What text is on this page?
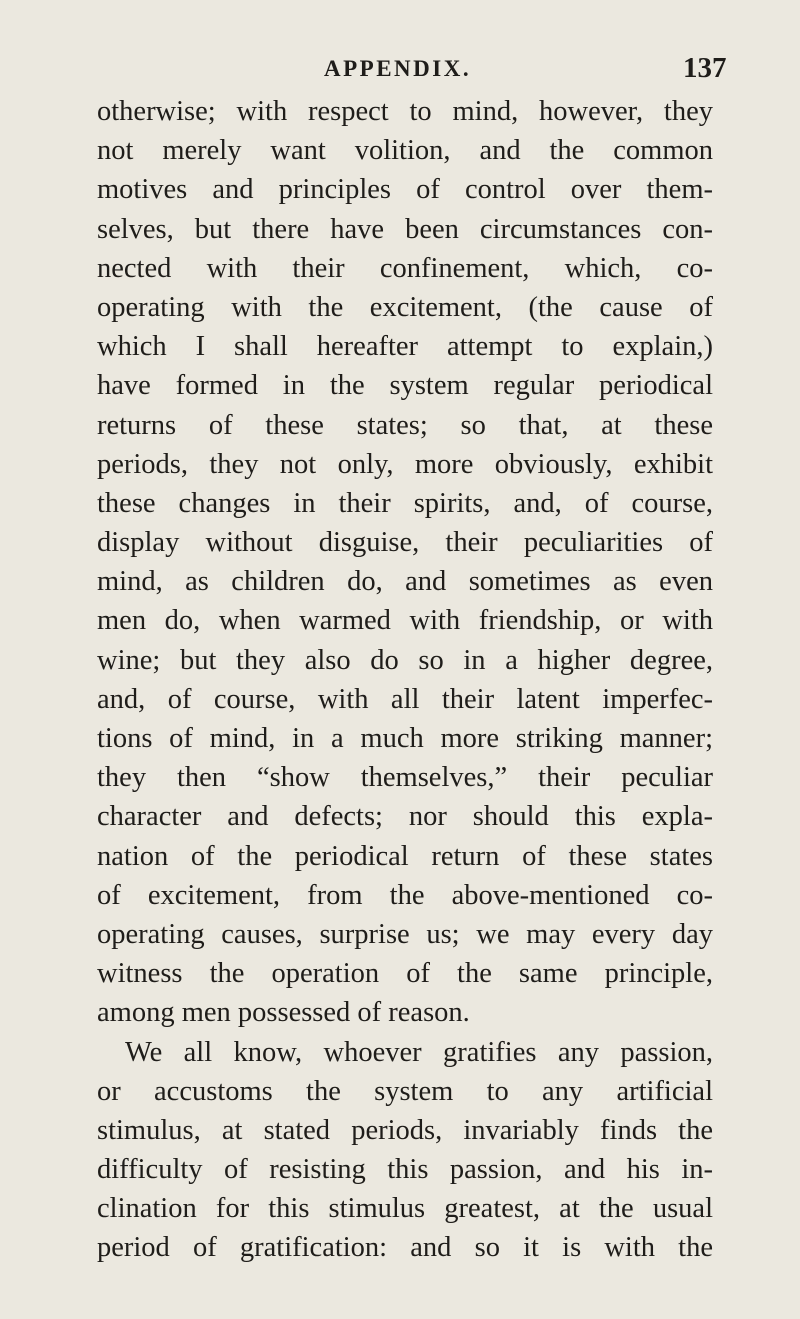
APPENDIX.	137
otherwise; with respect to mind, however, they
not merely want volition, and the common
motives and principles of control over them-
selves, but there have been circumstances con-
nected with their confinement, which, co-
operating with the excitement, (the cause of
which I shall hereafter attempt to explain,)
have formed in the system regular periodical
returns of these states; so that, at these
periods, they not only, more obviously, exhibit
these changes in their spirits, and, of course,
display without disguise, their peculiarities of
mind, as children do, and sometimes as even
men do, when warmed with friendship, or with
wine; but they also do so in a higher degree,
and, of course, with all their latent imperfec-
tions of mind, in a much more striking manner;
they then “show themselves,” their peculiar
character and defects; nor should this expla-
nation of the periodical return of these states
of excitement, from the above-mentioned co-
operating causes, surprise us; we may every day
witness the operation of the same principle,
among men possessed of reason.
We all know, whoever gratifies any passion,
or accustoms the system to any artificial
stimulus, at stated periods, invariably finds the
difficulty of resisting this passion, and his in-
clination for this stimulus greatest, at the usual
period of gratification: and so it is with the
